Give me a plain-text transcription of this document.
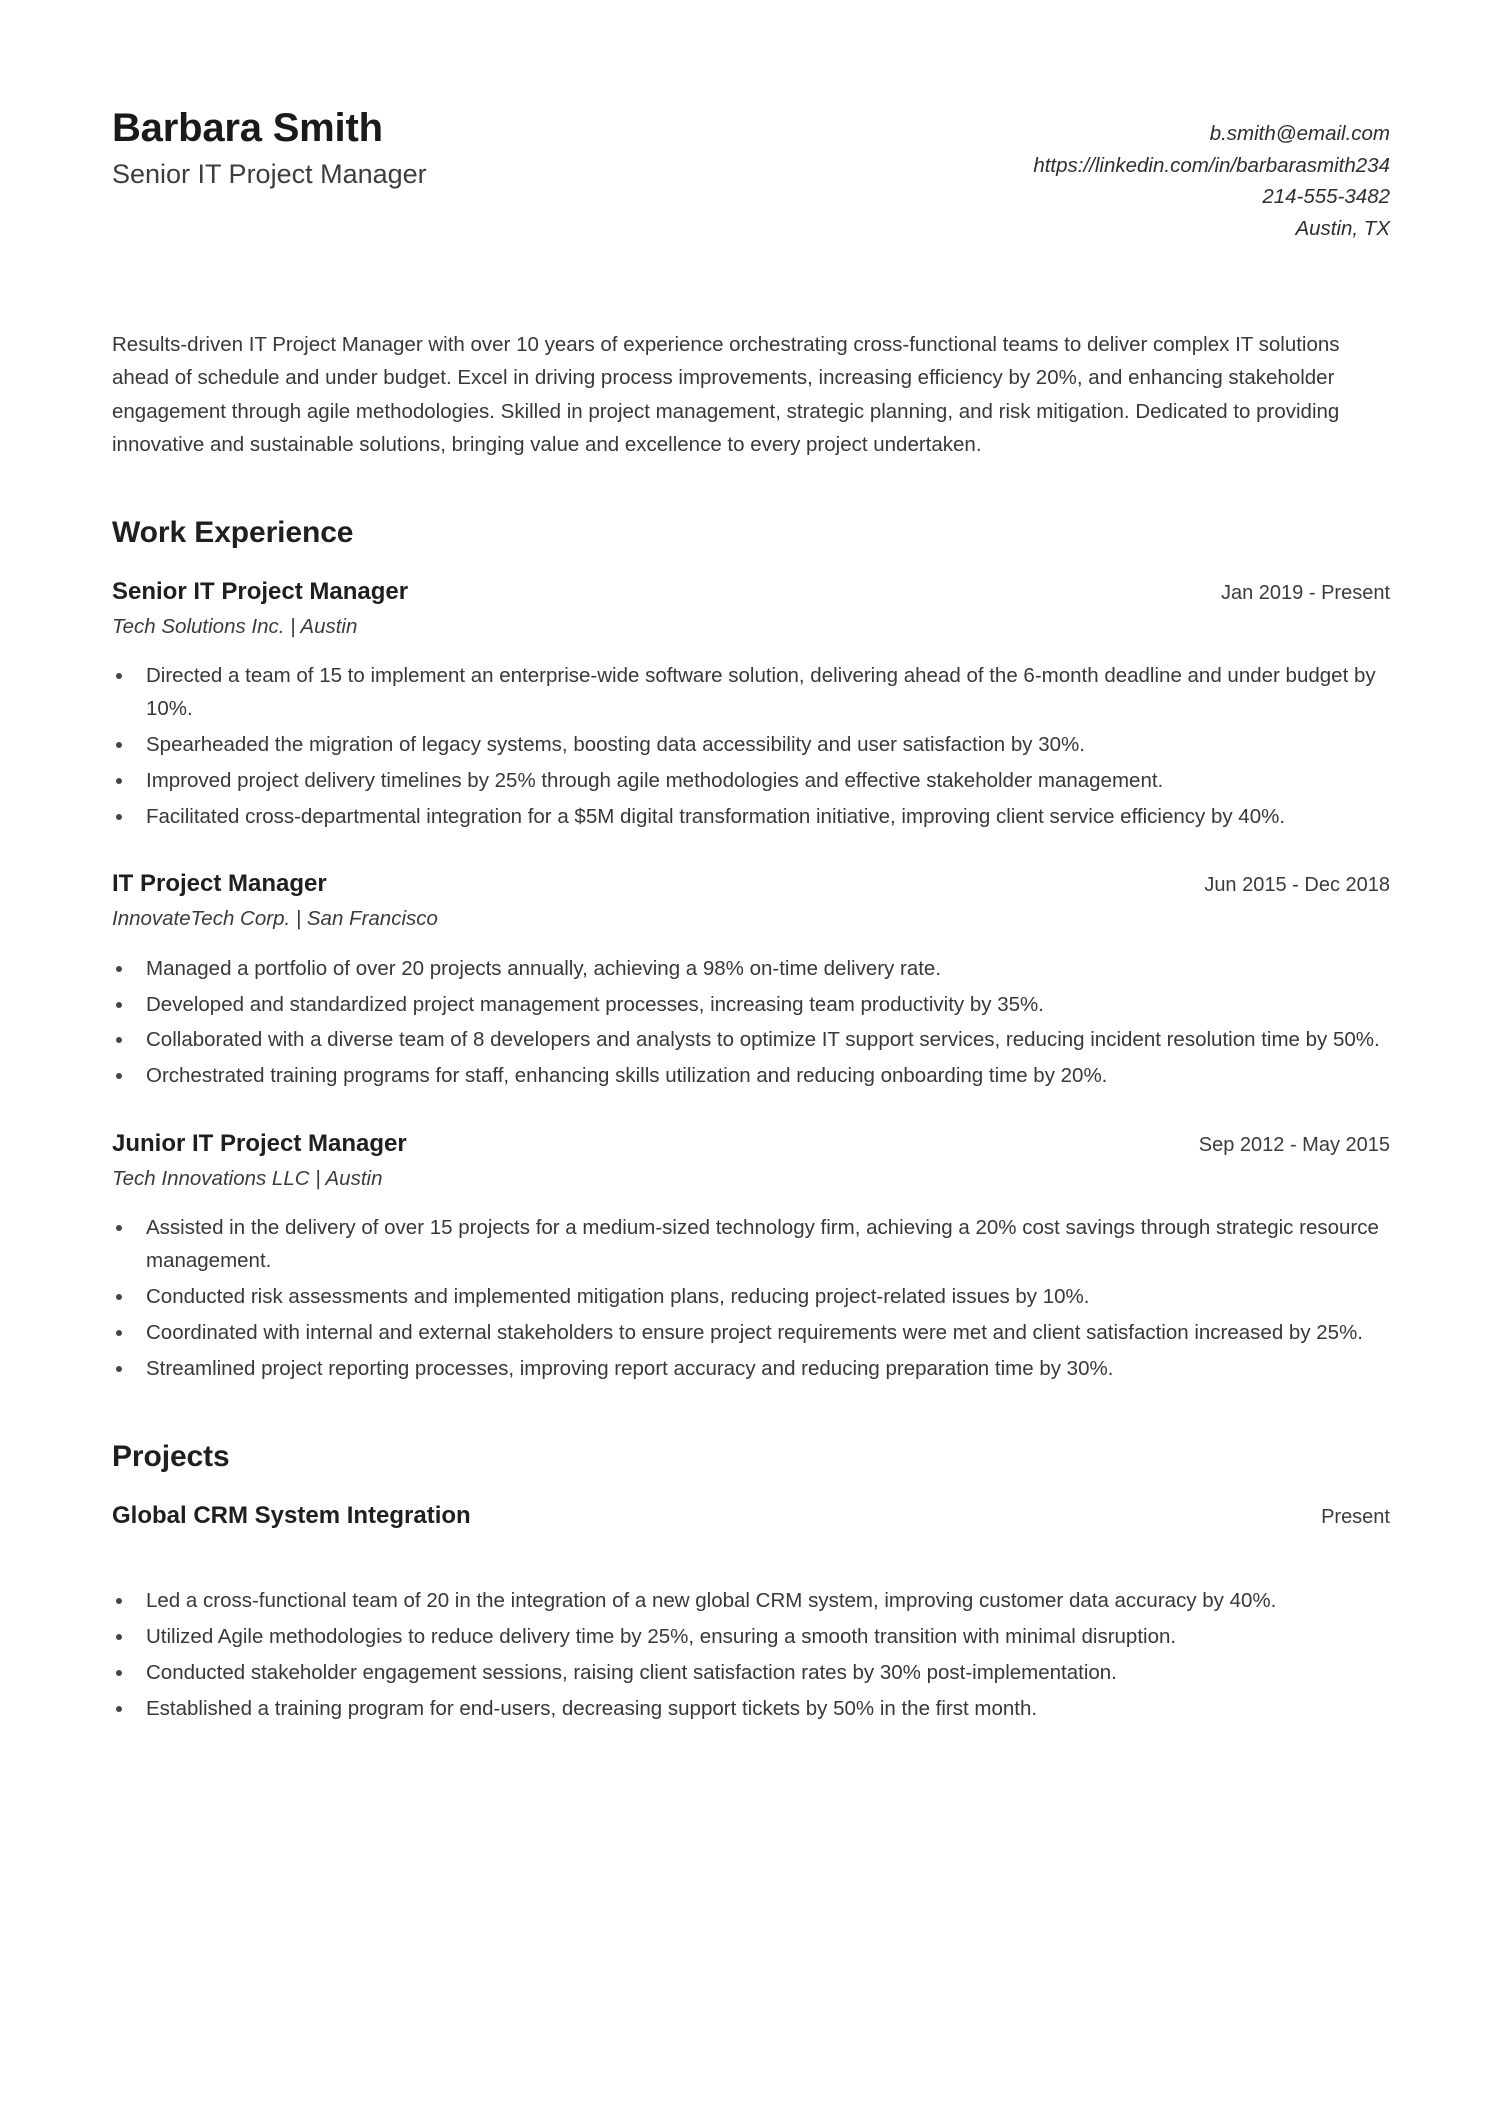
Barbara Smith
Senior IT Project Manager
b.smith@email.com
https://linkedin.com/in/barbarasmith234
214-555-3482
Austin, TX
Results-driven IT Project Manager with over 10 years of experience orchestrating cross-functional teams to deliver complex IT solutions ahead of schedule and under budget. Excel in driving process improvements, increasing efficiency by 20%, and enhancing stakeholder engagement through agile methodologies. Skilled in project management, strategic planning, and risk mitigation. Dedicated to providing innovative and sustainable solutions, bringing value and excellence to every project undertaken.
Work Experience
Senior IT Project Manager	Jan 2019 - Present
Tech Solutions Inc. | Austin
Directed a team of 15 to implement an enterprise-wide software solution, delivering ahead of the 6-month deadline and under budget by 10%.
Spearheaded the migration of legacy systems, boosting data accessibility and user satisfaction by 30%.
Improved project delivery timelines by 25% through agile methodologies and effective stakeholder management.
Facilitated cross-departmental integration for a $5M digital transformation initiative, improving client service efficiency by 40%.
IT Project Manager	Jun 2015 - Dec 2018
InnovateTech Corp. | San Francisco
Managed a portfolio of over 20 projects annually, achieving a 98% on-time delivery rate.
Developed and standardized project management processes, increasing team productivity by 35%.
Collaborated with a diverse team of 8 developers and analysts to optimize IT support services, reducing incident resolution time by 50%.
Orchestrated training programs for staff, enhancing skills utilization and reducing onboarding time by 20%.
Junior IT Project Manager	Sep 2012 - May 2015
Tech Innovations LLC | Austin
Assisted in the delivery of over 15 projects for a medium-sized technology firm, achieving a 20% cost savings through strategic resource management.
Conducted risk assessments and implemented mitigation plans, reducing project-related issues by 10%.
Coordinated with internal and external stakeholders to ensure project requirements were met and client satisfaction increased by 25%.
Streamlined project reporting processes, improving report accuracy and reducing preparation time by 30%.
Projects
Global CRM System Integration	Present
Led a cross-functional team of 20 in the integration of a new global CRM system, improving customer data accuracy by 40%.
Utilized Agile methodologies to reduce delivery time by 25%, ensuring a smooth transition with minimal disruption.
Conducted stakeholder engagement sessions, raising client satisfaction rates by 30% post-implementation.
Established a training program for end-users, decreasing support tickets by 50% in the first month.
